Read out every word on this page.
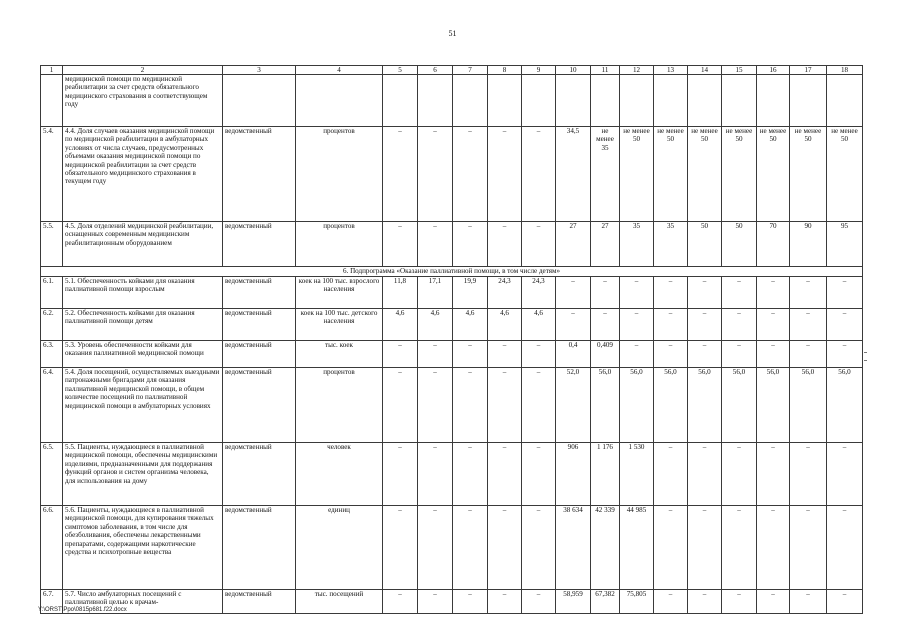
51
1	2	3	4	5	6	7	8	9	10	11	12	13	14	15	16	17	18
	медицинской помощи по медицинской реабилитации за счет средств обязательного медицинского страхования в соответствующем году																
5.4.	4.4. Доля случаев оказания медицинской помощи по медицинской реабилитации в амбулаторных условиях от числа случаев, предусмотренных объемами оказания медицинской помощи по медицинской реабилитации за счет средств обязательного медицинского страхования в текущем году	ведомственный	процентов	–	–	–	–	–	34,5	не менее 35	не менее 50	не менее 50	не менее 50	не менее 50	не менее 50	не менее 50	не менее 50
5.5.	4.5. Доля отделений медицинской реабилитации, оснащенных современным медицинским реабилитационным оборудованием	ведомственный	процентов	–	–	–	–	–	27	27	35	35	50	50	70	90	95
6. Подпрограмма «Оказание паллиативной помощи, в том числе детям»																	
6.1.	5.1. Обеспеченность койками для оказания паллиативной помощи взрослым	ведомственный	коек на 100 тыс. взрослого населения	11,8	17,1	19,9	24,3	24,3	–	–	–	–	–	–	–	–	–
6.2.	5.2. Обеспеченность койками для оказания паллиативной помощи детям	ведомственный	коек на 100 тыс. детского населения	4,6	4,6	4,6	4,6	4,6	–	–	–	–	–	–	–	–	–
6.3.	5.3. Уровень обеспеченности койками для оказания паллиативной медицинской помощи	ведомственный	тыс. коек	–	–	–	–	–	0,4	0,409	–	–	–	–	–	–	–
6.4.	5.4. Доля посещений, осуществляемых выездными патронажными бригадами для оказания паллиативной медицинской помощи, в общем количестве посещений по паллиативной медицинской помощи в амбулаторных условиях	ведомственный	процентов	–	–	–	–	–	52,0	56,0	56,0	56,0	56,0	56,0	56,0	56,0	56,0
6.5.	5.5. Пациенты, нуждающиеся в паллиативной медицинской помощи, обеспечены медицинскими изделиями, предназначенными для поддержания функций органов и систем организма человека, для использования на дому	ведомственный	человек	–	–	–	–	–	906	1 176	1 530	–	–	–	–	–	–
6.6.	5.6. Пациенты, нуждающиеся в паллиативной медицинской помощи, для купирования тяжелых симптомов заболевания, в том числе для обезболивания, обеспечены лекарственными препаратами, содержащими наркотические средства и психотропные вещества	ведомственный	единиц	–	–	–	–	–	38 634	42 339	44 985	–	–	–	–	–	–
6.7.	5.7. Число амбулаторных посещений с паллиативной целью к врачам-	ведомственный	тыс. посещений	–	–	–	–	–	58,959	67,382	75,805	–	–	–	–	–	–
Y:\ORST\Ppo\0815p681.f22.docx
